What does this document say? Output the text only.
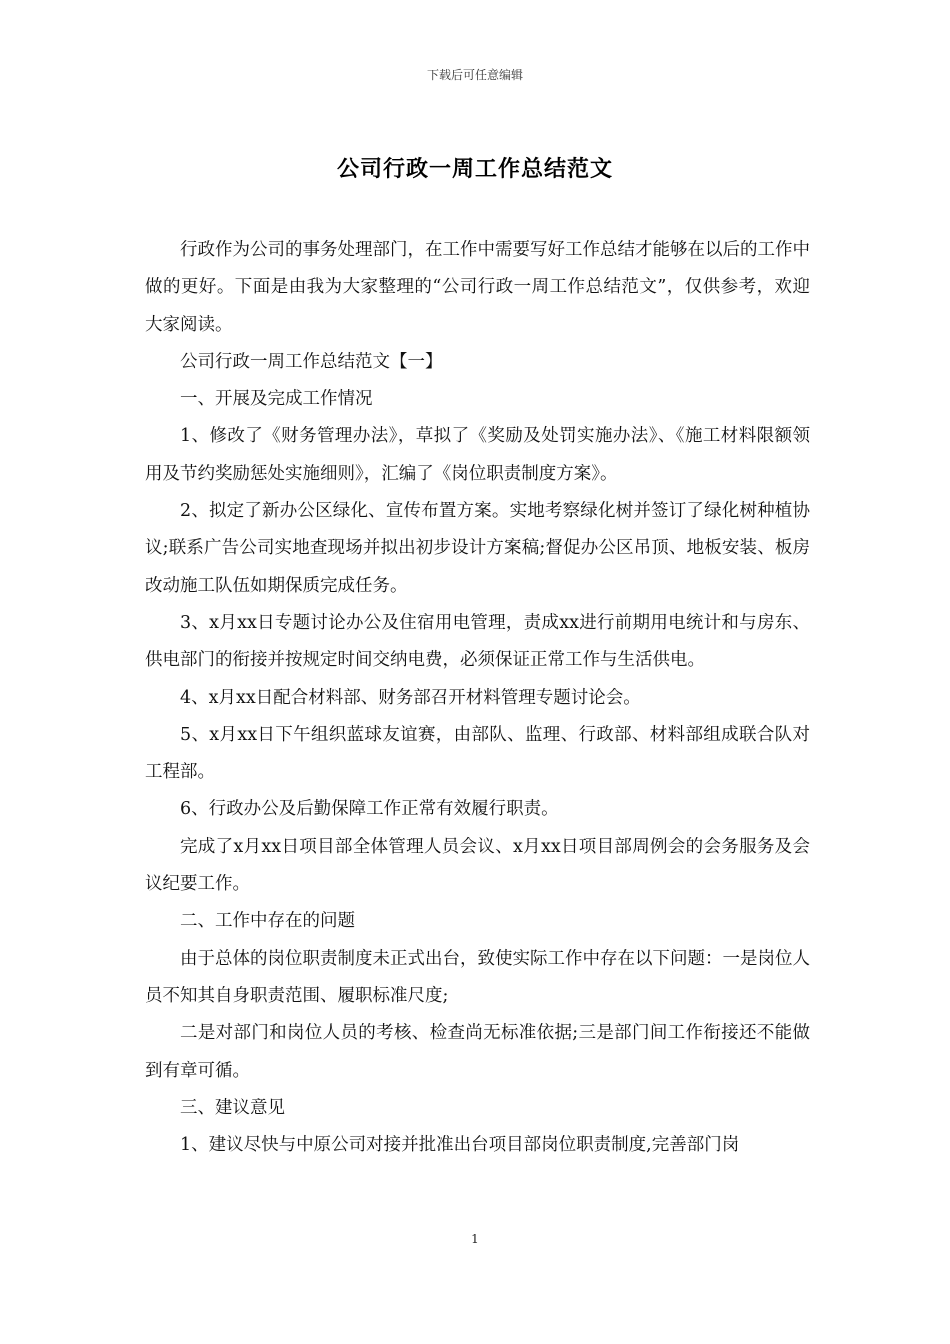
下载后可任意编辑
公司行政一周工作总结范文

行政作为公司的事务处理部门，在工作中需要写好工作总结才能够在以后的工作中做的更好。下面是由我为大家整理的“公司行政一周工作总结范文”，仅供参考，欢迎大家阅读。

公司行政一周工作总结范文【一】

一、开展及完成工作情况

1、修改了《财务管理办法》，草拟了《奖励及处罚实施办法》、《施工材料限额领用及节约奖励惩处实施细则》，汇编了《岗位职责制度方案》。

2、拟定了新办公区绿化、宣传布置方案。实地考察绿化树并签订了绿化树种植协议;联系广告公司实地查现场并拟出初步设计方案稿;督促办公区吊顶、地板安装、板房改动施工队伍如期保质完成任务。

3、x月xx日专题讨论办公及住宿用电管理，责成xx进行前期用电统计和与房东、供电部门的衔接并按规定时间交纳电费，必须保证正常工作与生活供电。

4、x月xx日配合材料部、财务部召开材料管理专题讨论会。

5、x月xx日下午组织蓝球友谊赛，由部队、监理、行政部、材料部组成联合队对工程部。

6、行政办公及后勤保障工作正常有效履行职责。

完成了x月xx日项目部全体管理人员会议、x月xx日项目部周例会的会务服务及会议纪要工作。

二、工作中存在的问题

由于总体的岗位职责制度未正式出台，致使实际工作中存在以下问题：一是岗位人员不知其自身职责范围、履职标准尺度;

二是对部门和岗位人员的考核、检查尚无标准依据;三是部门间工作衔接还不能做到有章可循。

三、建议意见

1、建议尽快与中原公司对接并批准出台项目部岗位职责制度,完善部门岗

1
